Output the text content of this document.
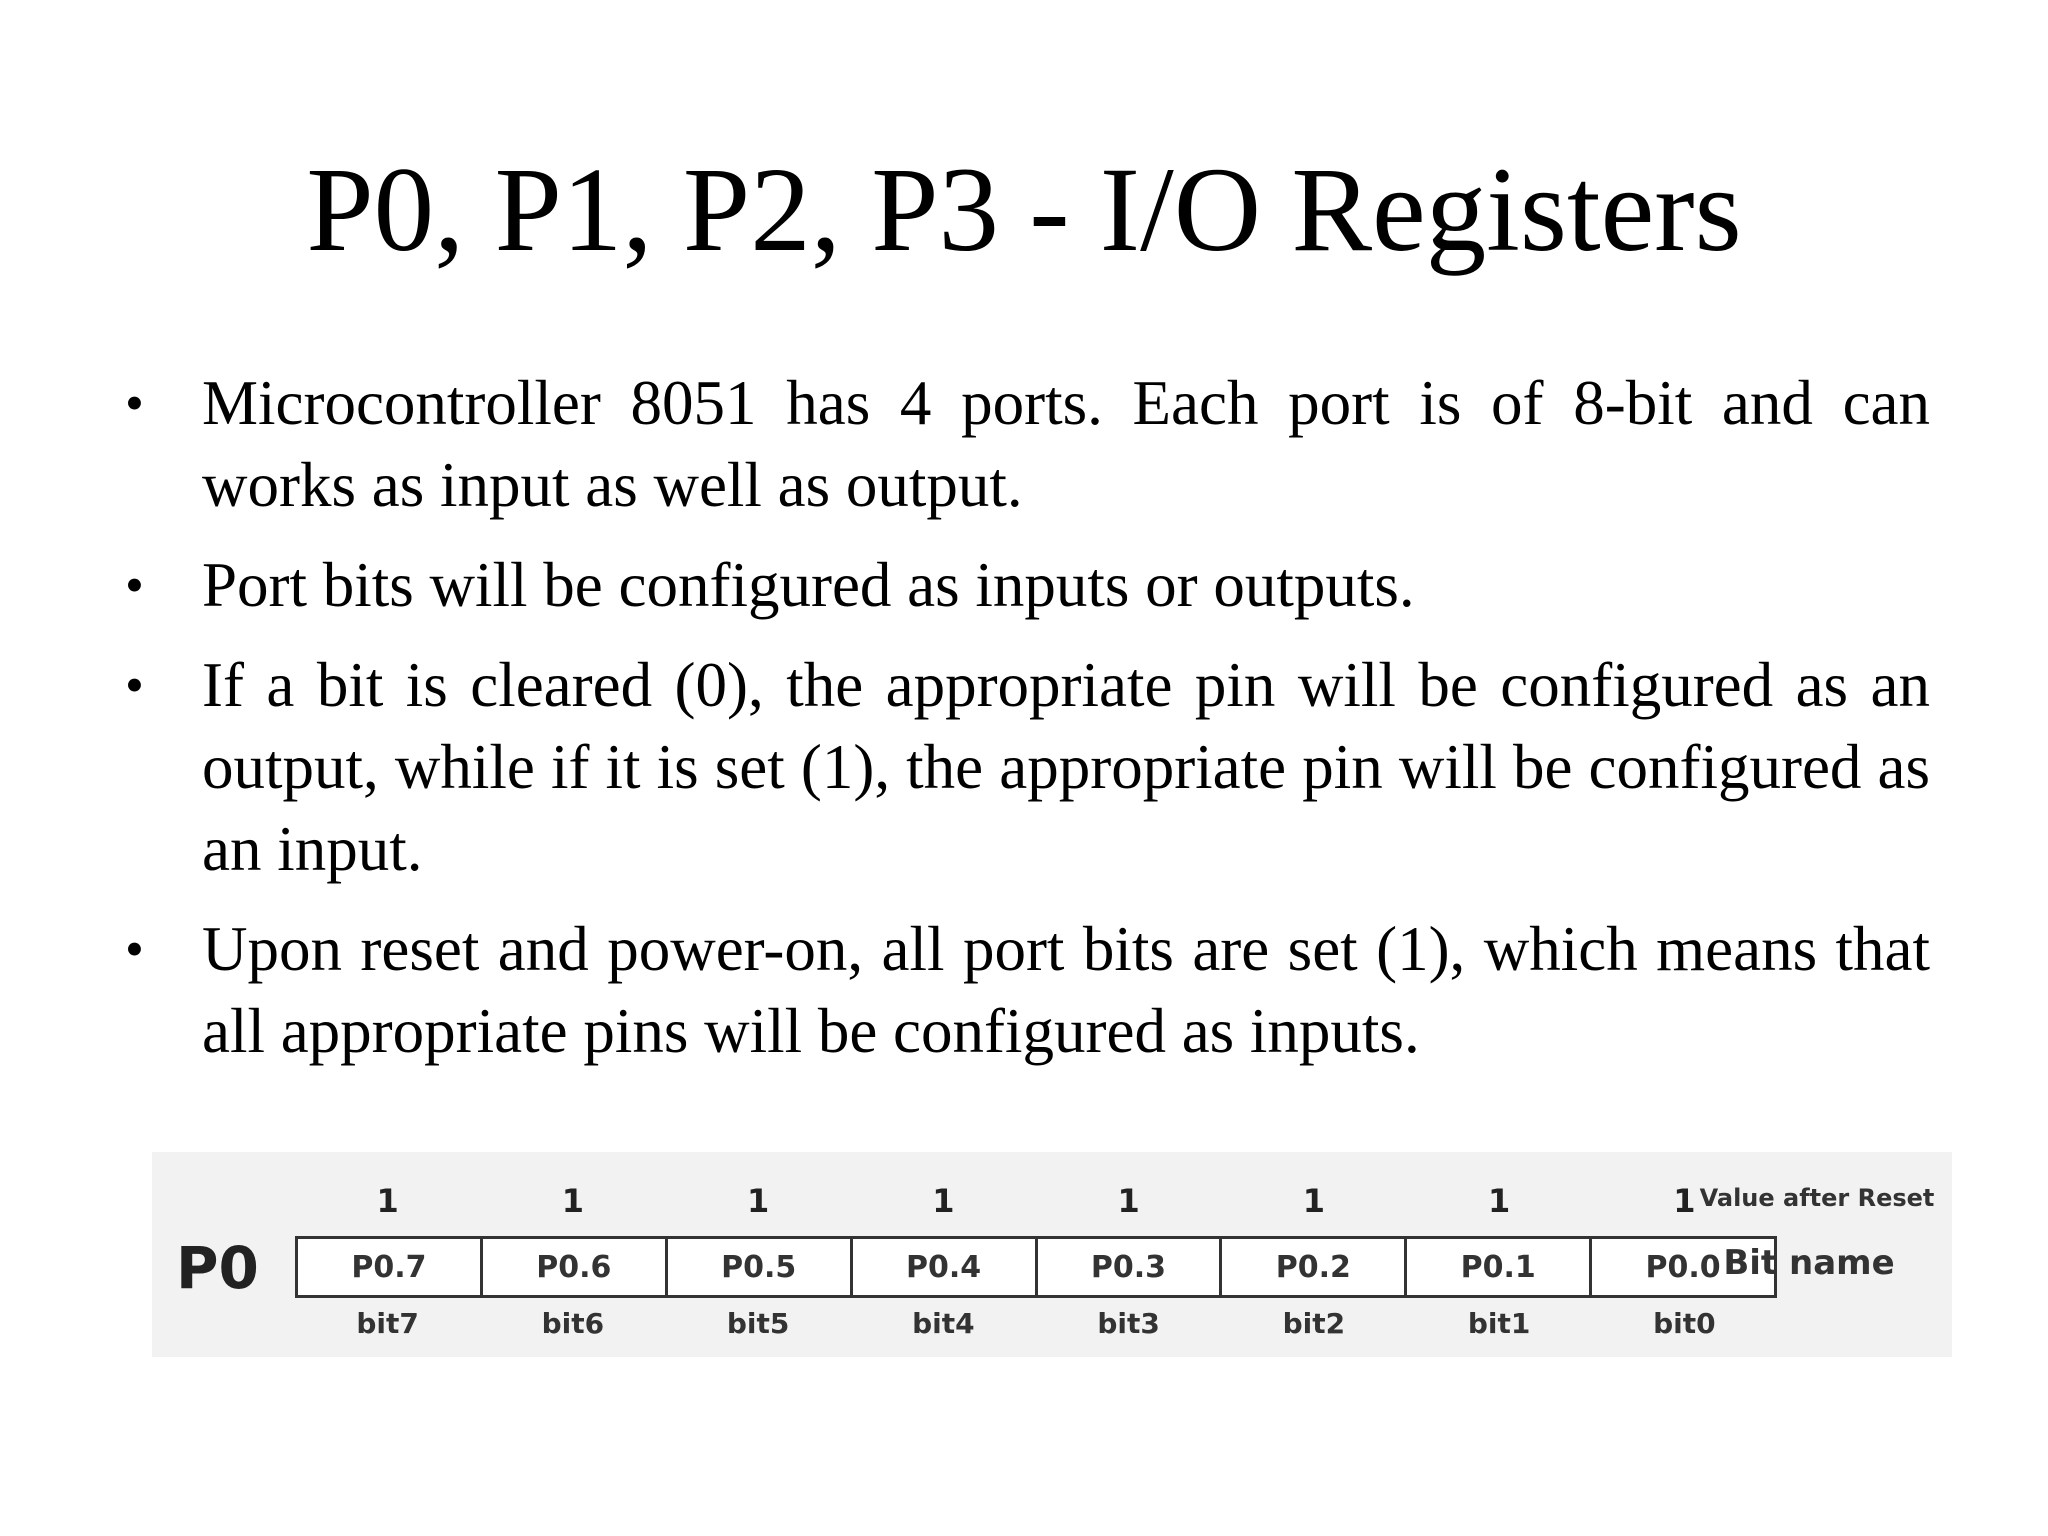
P0, P1, P2, P3 - I/O Registers
• Microcontroller 8051 has 4 ports. Each port is of 8-bit and can works as input as well as output.
• Port bits will be configured as inputs or outputs.
• If a bit is cleared (0), the appropriate pin will be configured as an output, while if it is set (1), the appropriate pin will be configured as an input.
• Upon reset and power-on, all port bits are set (1), which means that all appropriate pins will be configured as inputs.
P0
1	1	1	1	1	1	1	1
P0.7	P0.6	P0.5	P0.4	P0.3	P0.2	P0.1	P0.0
bit7	bit6	bit5	bit4	bit3	bit2	bit1	bit0
Value after Reset
Bit name
